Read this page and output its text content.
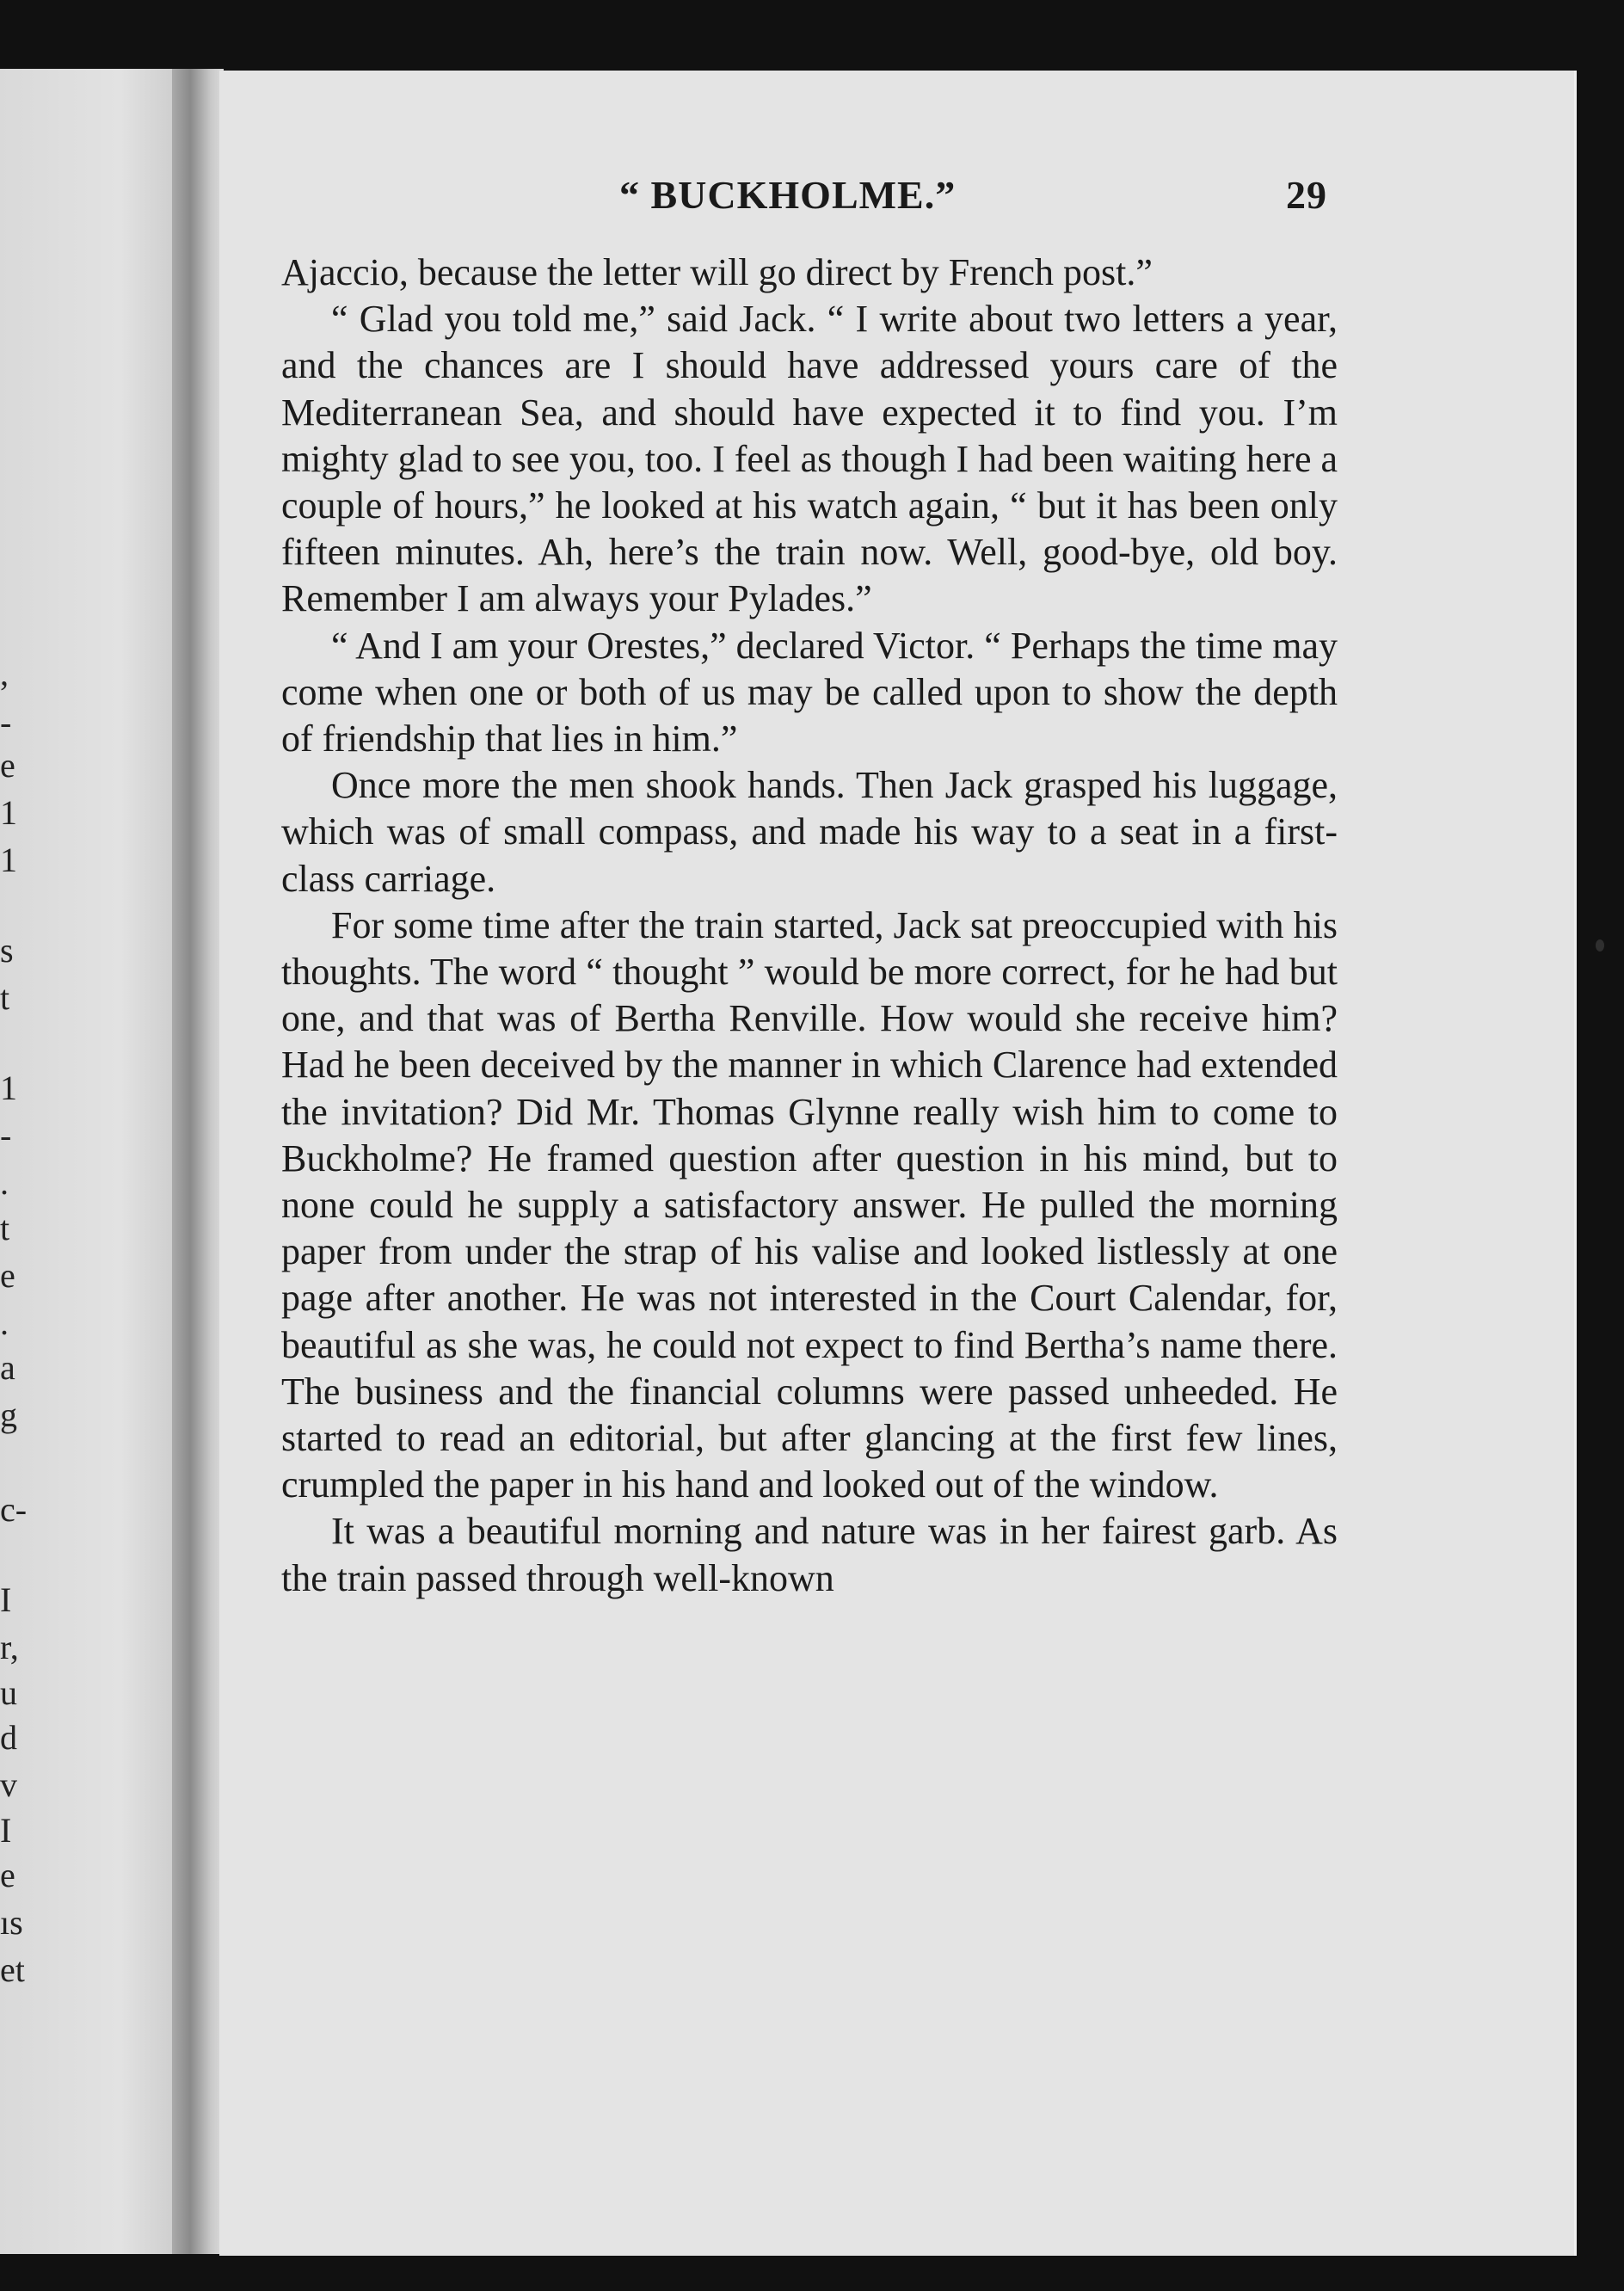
,
-
e
1
1
s
t
1
-
.
t
e
.
a
g
c-
I
r,
u
d
v
I
e
ıs
et
“ BUCKHOLME.”	29

Ajaccio, because the letter will go direct by French post.”

“ Glad you told me,” said Jack. “ I write about two letters a year, and the chances are I should have addressed yours care of the Mediterranean Sea, and should have expected it to find you. I’m mighty glad to see you, too. I feel as though I had been waiting here a couple of hours,” he looked at his watch again, “ but it has been only fifteen minutes. Ah, here’s the train now. Well, good-bye, old boy. Remember I am always your Pylades.”

“ And I am your Orestes,” declared Victor. “ Perhaps the time may come when one or both of us may be called upon to show the depth of friendship that lies in him.”

Once more the men shook hands. Then Jack grasped his luggage, which was of small compass, and made his way to a seat in a first-class carriage.

For some time after the train started, Jack sat preoccupied with his thoughts. The word “ thought ” would be more correct, for he had but one, and that was of Bertha Renville. How would she receive him? Had he been deceived by the manner in which Clarence had extended the invitation? Did Mr. Thomas Glynne really wish him to come to Buckholme? He framed question after question in his mind, but to none could he supply a satisfactory answer. He pulled the morning paper from under the strap of his valise and looked listlessly at one page after another. He was not interested in the Court Calendar, for, beautiful as she was, he could not expect to find Bertha’s name there. The business and the financial columns were passed unheeded. He started to read an editorial, but after glancing at the first few lines, crumpled the paper in his hand and looked out of the window.

It was a beautiful morning and nature was in her fairest garb. As the train passed through well-known
